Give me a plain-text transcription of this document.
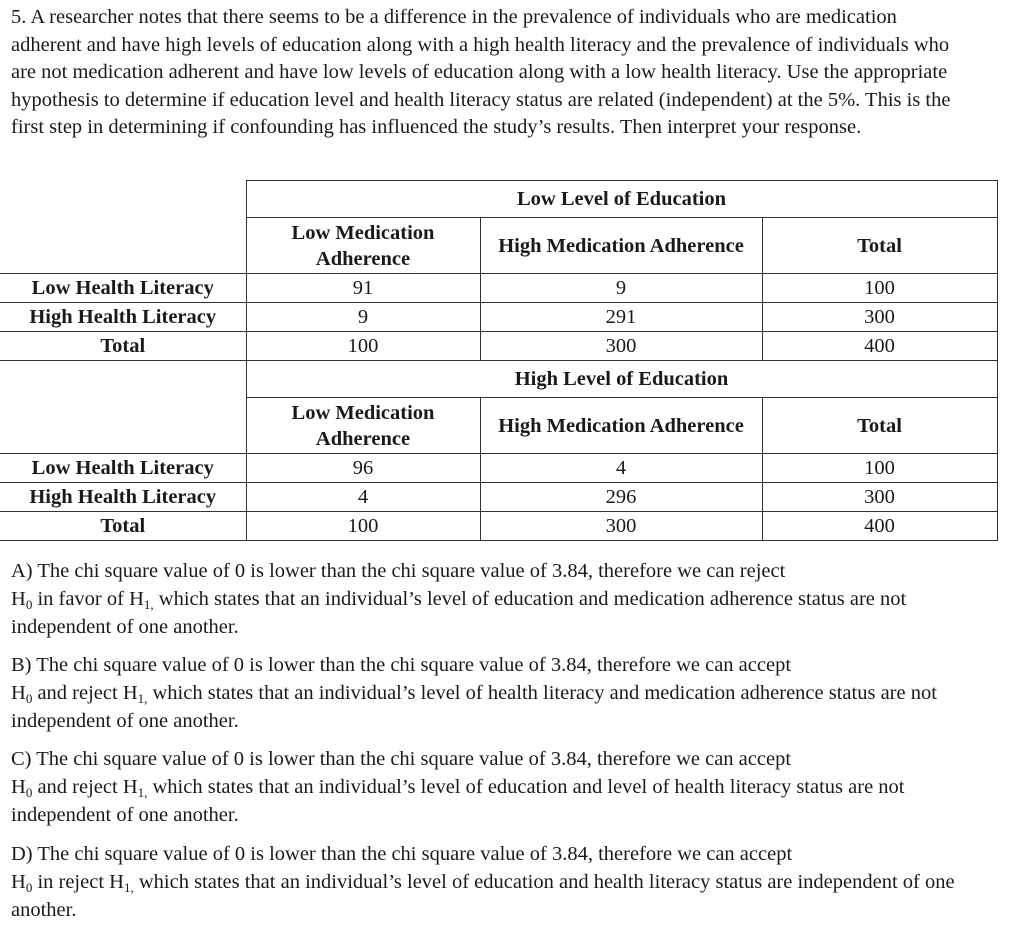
5. A researcher notes that there seems to be a difference in the prevalence of individuals who are medication adherent and have high levels of education along with a high health literacy and the prevalence of individuals who are not medication adherent and have low levels of education along with a low health literacy. Use the appropriate hypothesis to determine if education level and health literacy status are related (independent) at the 5%. This is the first step in determining if confounding has influenced the study’s results. Then interpret your response.

	Low Level of Education		
	Low Medication Adherence	High Medication Adherence	Total
Low Health Literacy	91	9	100
High Health Literacy	9	291	300
Total	100	300	400
	High Level of Education		
	Low Medication Adherence	High Medication Adherence	Total
Low Health Literacy	96	4	100
High Health Literacy	4	296	300
Total	100	300	400

A) The chi square value of 0 is lower than the chi square value of 3.84, therefore we can reject
H0 in favor of H1, which states that an individual’s level of education and medication adherence status are not independent of one another.

B) The chi square value of 0 is lower than the chi square value of 3.84, therefore we can accept
H0 and reject H1, which states that an individual’s level of health literacy and medication adherence status are not independent of one another.

C) The chi square value of 0 is lower than the chi square value of 3.84, therefore we can accept
H0 and reject H1, which states that an individual’s level of education and level of health literacy status are not independent of one another.

D) The chi square value of 0 is lower than the chi square value of 3.84, therefore we can accept
H0 in reject H1, which states that an individual’s level of education and health literacy status are independent of one another.
